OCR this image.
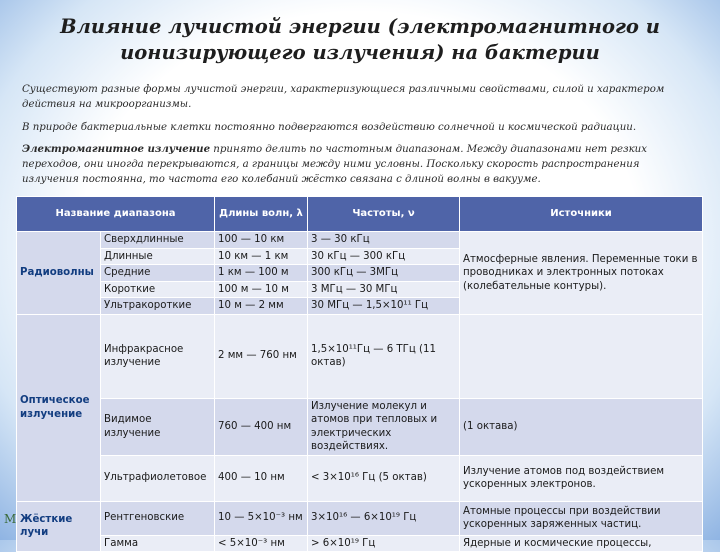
Влияние лучистой энергии (электромагнитного и ионизирующего излучения) на бактерии
Существуют разные формы лучистой энергии, характеризующиеся различными свойствами, силой и характером действия на микроорганизмы.
В природе бактериальные клетки постоянно подвергаются воздействию солнечной и космической радиации.
Электромагнитное излучение принято делить по частотным диапазонам. Между диапазонами нет резких переходов, они иногда перекрываются, а границы между ними условны. Поскольку скорость распространения излучения постоянна, то частота его колебаний жёстко связана с длиной волны в вакууме.
Название диапазона		Длины волн, λ	Частоты, ν	Источники
Радиоволны	Сверхдлинные	100 — 10 км	3 — 30 кГц	Атмосферные явления. Переменные токи в проводниках и электронных потоках (колебательные контуры).
	Длинные	10 км — 1 км	30 кГц — 300 кГц	
	Средние	1 км — 100 м	300 кГц — 3МГц	
	Короткие	100 м — 10 м	3 МГц — 30 МГц	
	Ультракороткие	10 м — 2 мм	30 МГц — 1,5×10¹¹ Гц	
Оптическое излучение	Инфракрасное излучение	2 мм — 760 нм	1,5×10¹¹Гц — 6 ТГц (11 октав)	
	Видимое излучение	760 — 400 нм	Излучение молекул и атомов при тепловых и электрических воздействиях.	(1 октава)
	Ультрафиолетовое	400 — 10 нм	< 3×10¹⁶ Гц (5 октав)	Излучение атомов под воздействием ускоренных электронов.
Жёсткие лучи	Рентгеновские	10 — 5×10⁻³ нм	3×10¹⁶ — 6×10¹⁹ Гц	Атомные процессы при воздействии ускоренных заряженных частиц.
	Гамма	< 5×10⁻³ нм	> 6×10¹⁹ Гц	Ядерные и космические процессы,
М
